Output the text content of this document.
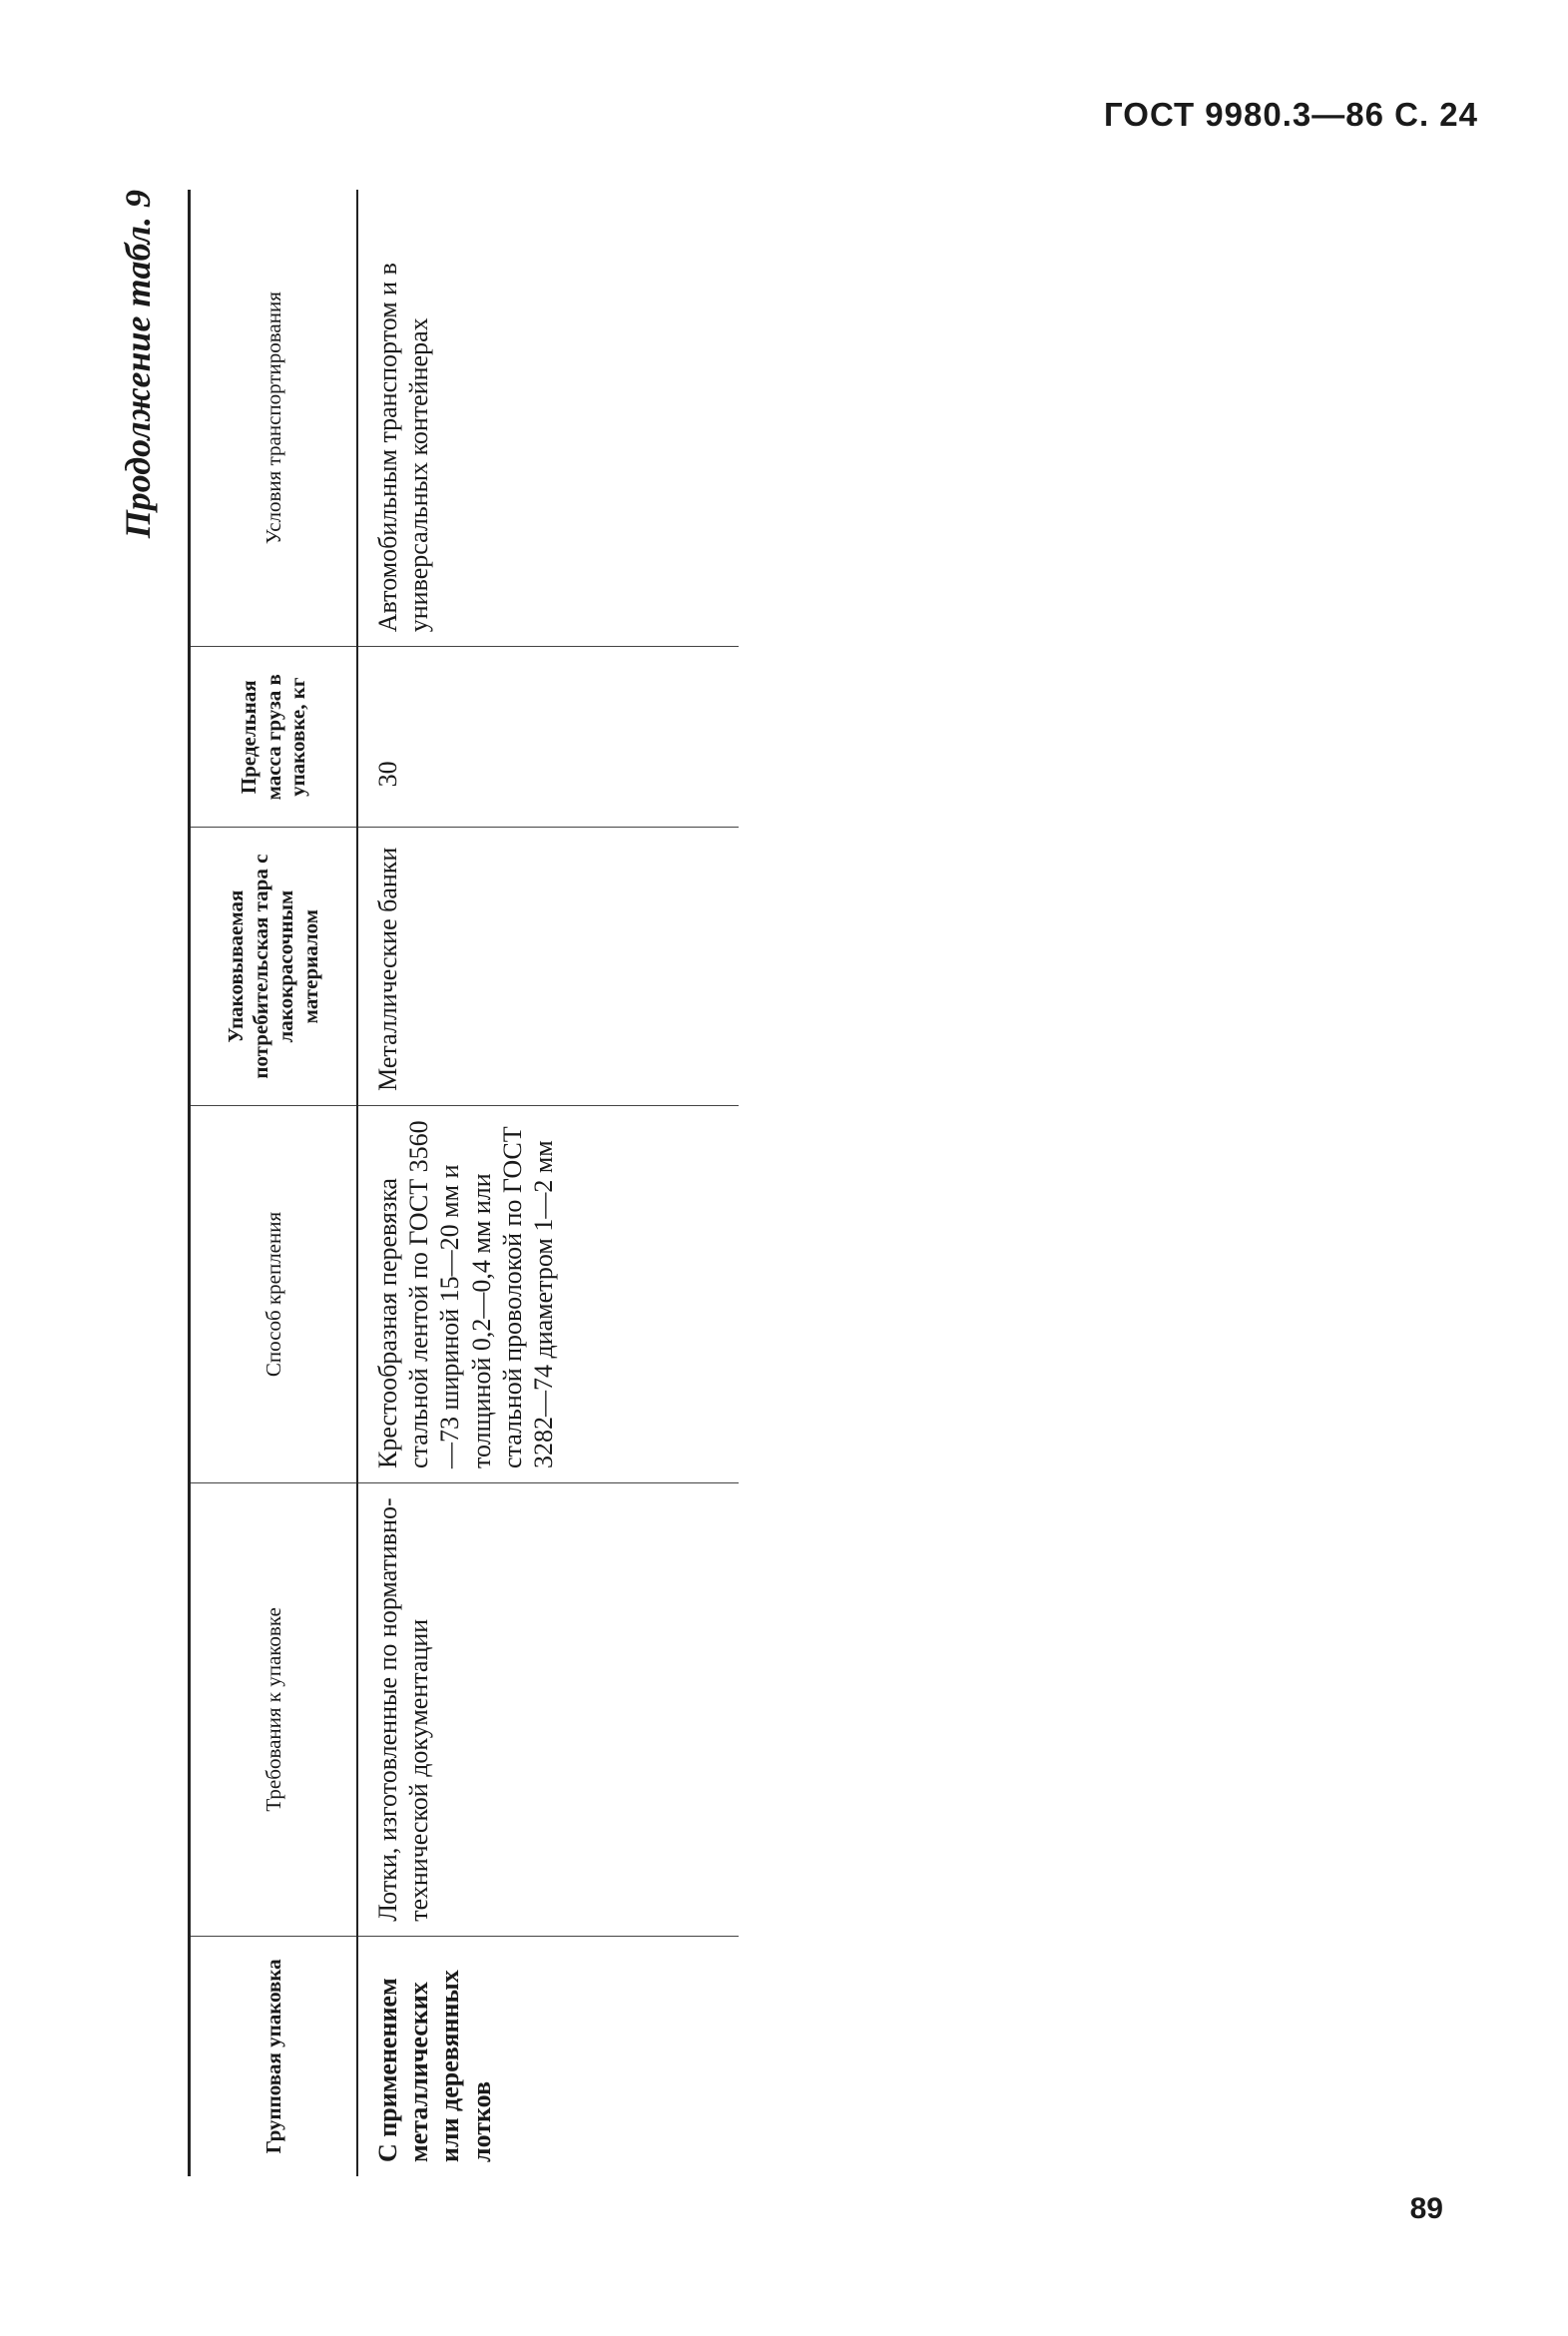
ГОСТ 9980.3—86 С. 24
Продолжение табл. 9
Групповая упаковка	Требования к упаковке	Способ крепления	Упаковываемая потребительская тара с лакокрасочным материалом	Предельная масса груза в упаковке, кг	Условия транспортирования

С применением металлических или деревянных лотков	Лотки, изготовленные по нормативно-технической документации	Крестообразная перевязка стальной лентой по ГОСТ 3560—73 шириной 15—20 мм и толщиной 0,2—0,4 мм или стальной проволокой по ГОСТ 3282—74 диаметром 1—2 мм	Металлические банки	30	Автомобильным транспортом и в универсальных контейнерах
89
